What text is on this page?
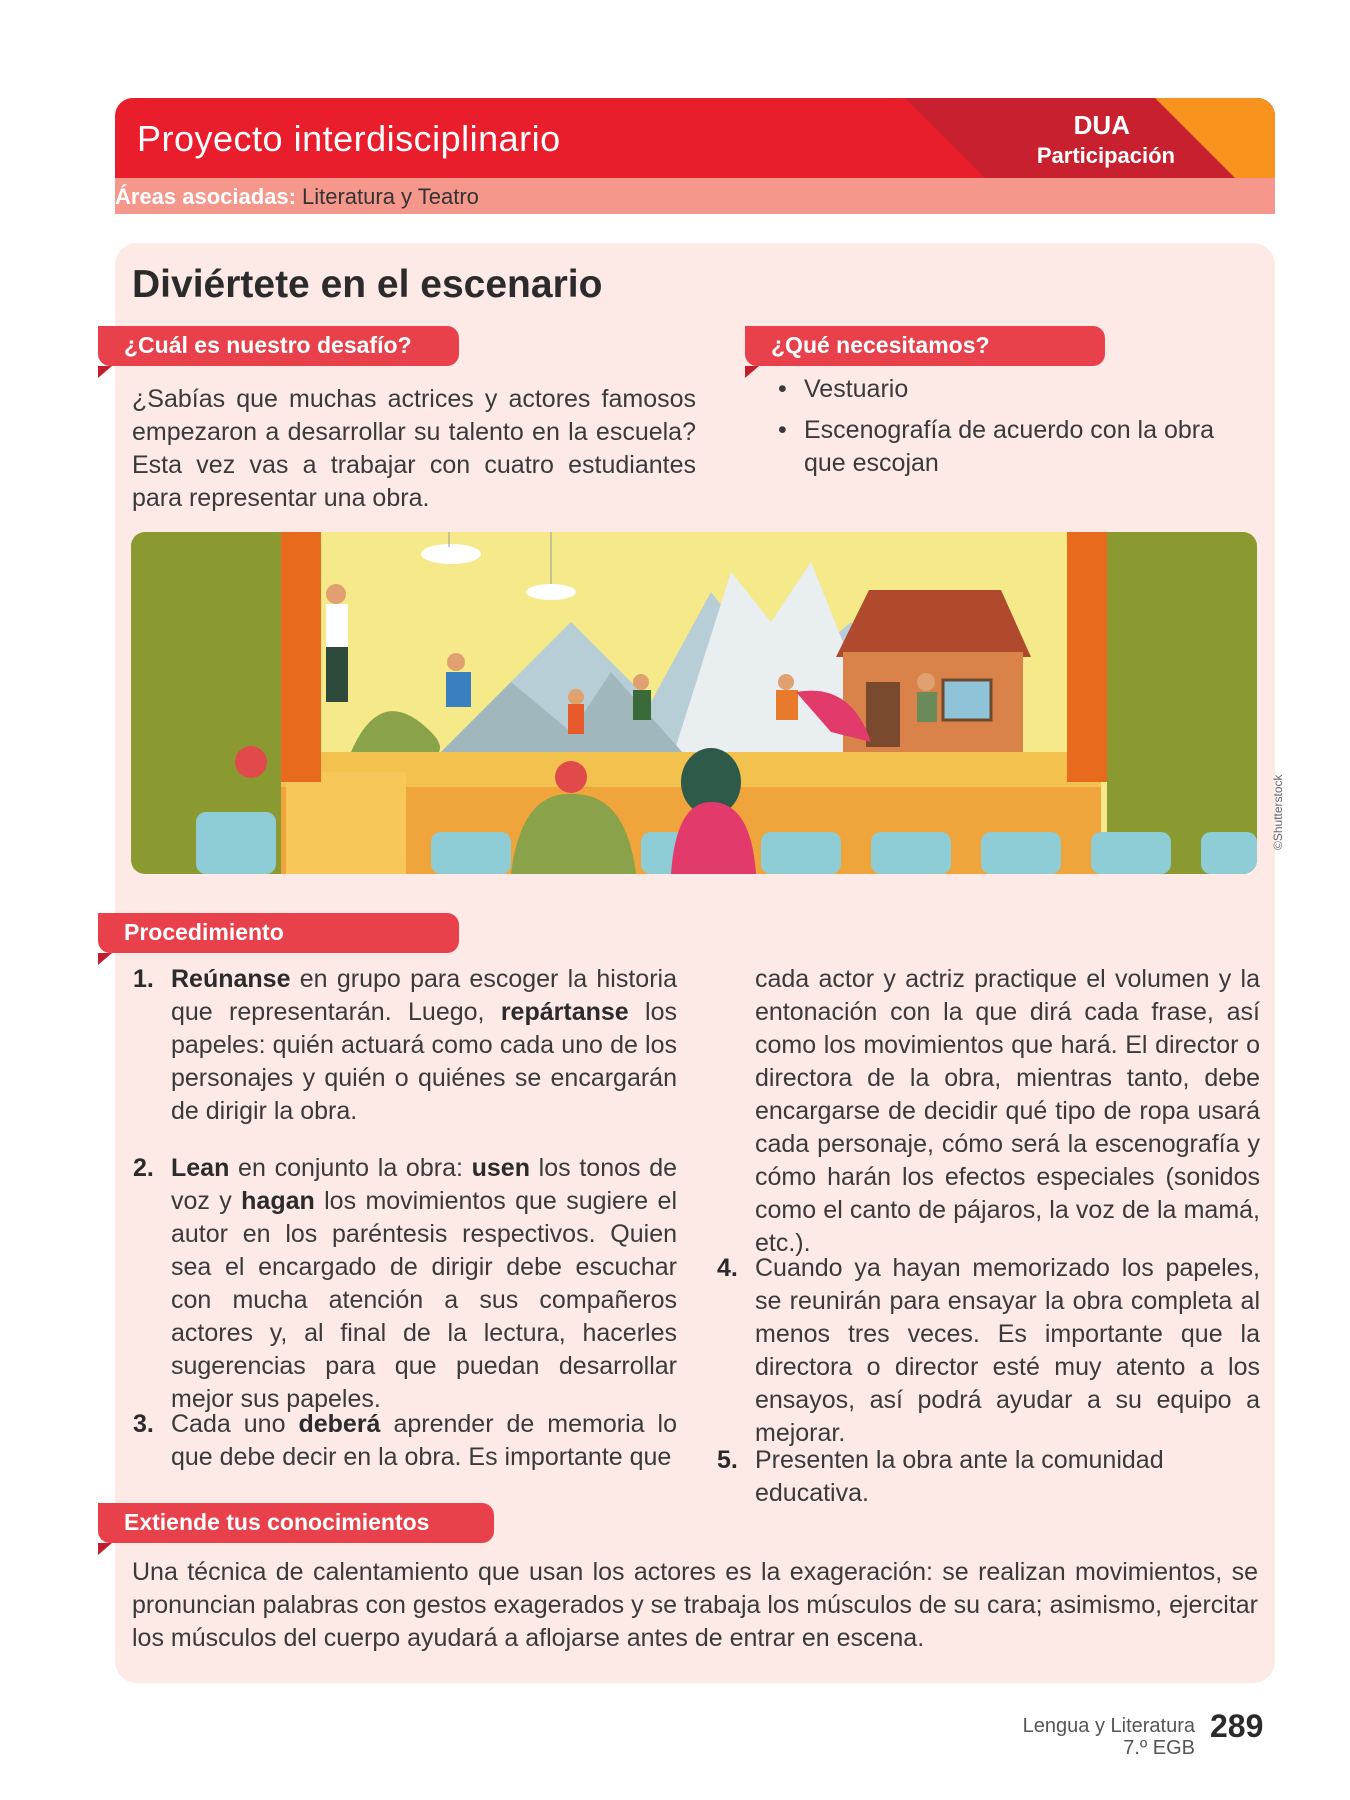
Proyecto interdisciplinario	DUA
Participación
Áreas asociadas: Literatura y Teatro
Diviértete en el escenario
¿Cuál es nuestro desafío?
¿Sabías que muchas actrices y actores famosos empezaron a desarrollar su talento en la escuela? Esta vez vas a trabajar con cuatro estudiantes para representar una obra.
¿Qué necesitamos?
• Vestuario
• Escenografía de acuerdo con la obra que escojan
©Shutterstock
Procedimiento
1. Reúnanse en grupo para escoger la historia que representarán. Luego, repártanse los papeles: quién actuará como cada uno de los personajes y quién o quiénes se encargarán de dirigir la obra.
2. Lean en conjunto la obra: usen los tonos de voz y hagan los movimientos que sugiere el autor en los paréntesis respectivos. Quien sea el encargado de dirigir debe escuchar con mucha atención a sus compañeros actores y, al final de la lectura, hacerles sugerencias para que puedan desarrollar mejor sus papeles.
3. Cada uno deberá aprender de memoria lo que debe decir en la obra. Es importante que
cada actor y actriz practique el volumen y la entonación con la que dirá cada frase, así como los movimientos que hará. El director o directora de la obra, mientras tanto, debe encargarse de decidir qué tipo de ropa usará cada personaje, cómo será la escenografía y cómo harán los efectos especiales (sonidos como el canto de pájaros, la voz de la mamá, etc.).
4. Cuando ya hayan memorizado los papeles, se reunirán para ensayar la obra completa al menos tres veces. Es importante que la directora o director esté muy atento a los ensayos, así podrá ayudar a su equipo a mejorar.
5. Presenten la obra ante la comunidad educativa.
Extiende tus conocimientos
Una técnica de calentamiento que usan los actores es la exageración: se realizan movimientos, se pronuncian palabras con gestos exagerados y se trabaja los músculos de su cara; asimismo, ejercitar los músculos del cuerpo ayudará a aflojarse antes de entrar en escena.
Lengua y Literatura
7.º EGB
289
